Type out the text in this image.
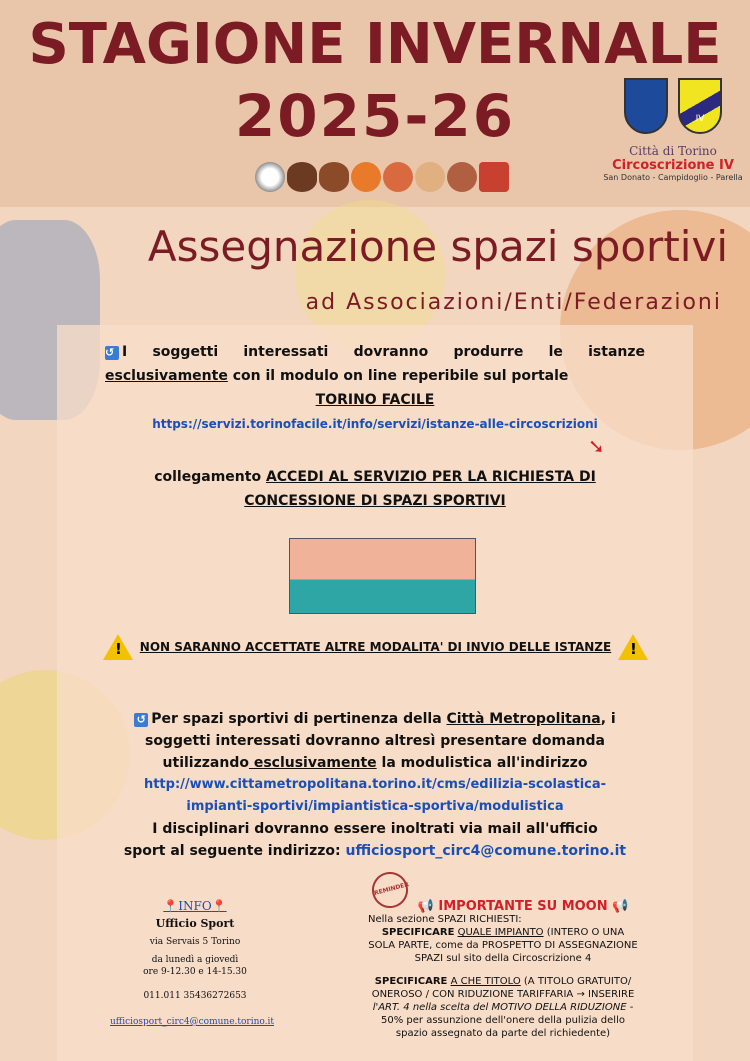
STAGIONE INVERNALE
2025-26	IV
Città di Torino
Circoscrizione IV
San Donato - Campidoglio - Parella
Assegnazione spazi sportivi
ad Associazioni/Enti/Federazioni
↺ I soggetti interessati dovranno produrre le istanze
esclusivamente con il modulo on line reperibile sul portale
TORINO FACILE
https://servizi.torinofacile.it/info/servizi/istanze-alle-circoscrizioni
➘
collegamento ACCEDI AL SERVIZIO PER LA RICHIESTA DI
CONCESSIONE DI SPAZI SPORTIVI
! NON SARANNO ACCETTATE ALTRE MODALITA' DI INVIO DELLE ISTANZE !
↺ Per spazi sportivi di pertinenza della Città Metropolitana, i
soggetti interessati dovranno altresì presentare domanda
utilizzando esclusivamente la modulistica all'indirizzo
http://www.cittametropolitana.torino.it/cms/edilizia-scolastica-
impianti-sportivi/impiantistica-sportiva/modulistica
I disciplinari dovranno essere inoltrati via mail all'ufficio
sport al seguente indirizzo: ufficiosport_circ4@comune.torino.it
📍INFO📍
Ufficio Sport
via Servais 5 Torino
da lunedì a giovedì
ore 9-12.30 e 14-15.30
011.011 35436272653
ufficiosport_circ4@comune.torino.it
REMINDER
📢 IMPORTANTE SU MOON 📢
Nella sezione SPAZI RICHIESTI:
SPECIFICARE QUALE IMPIANTO (INTERO O UNA SOLA PARTE, come da PROSPETTO DI ASSEGNAZIONE SPAZI sul sito della Circoscrizione 4
SPECIFICARE A CHE TITOLO (A TITOLO GRATUITO/ ONEROSO / CON RIDUZIONE TARIFFARIA → INSERIRE l'ART. 4 nella scelta del MOTIVO DELLA RIDUZIONE - 50% per assunzione dell'onere della pulizia dello spazio assegnato da parte del richiedente)
